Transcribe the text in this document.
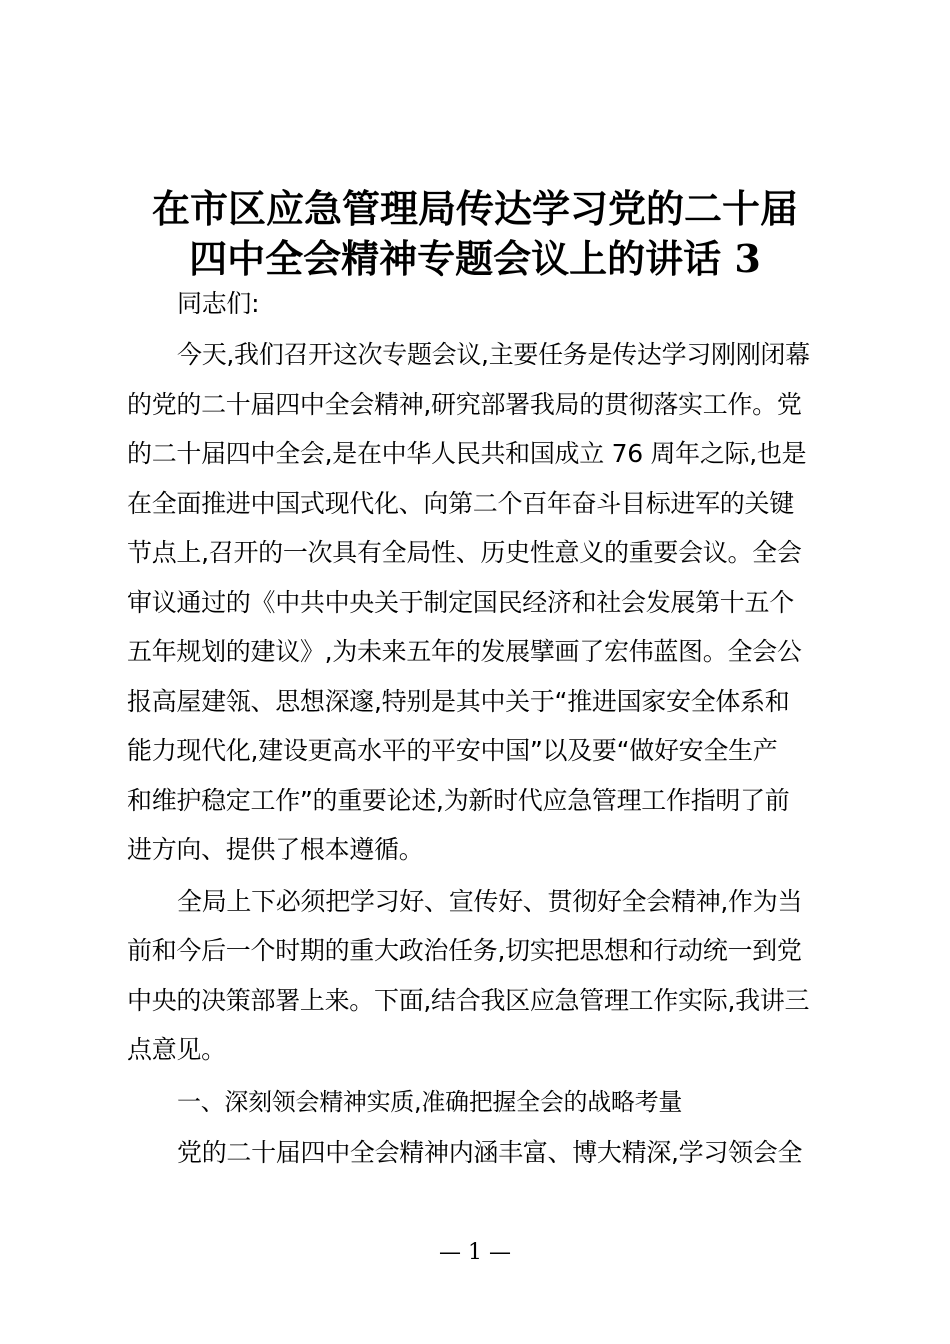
在市区应急管理局传达学习党的二十届
四中全会精神专题会议上的讲话 3
同志们:
今天,我们召开这次专题会议,主要任务是传达学习刚刚闭幕
的党的二十届四中全会精神,研究部署我局的贯彻落实工作。党
的二十届四中全会,是在中华人民共和国成立 76 周年之际,也是
在全面推进中国式现代化、向第二个百年奋斗目标进军的关键
节点上,召开的一次具有全局性、历史性意义的重要会议。全会
审议通过的《中共中央关于制定国民经济和社会发展第十五个
五年规划的建议》,为未来五年的发展擘画了宏伟蓝图。全会公
报高屋建瓴、思想深邃,特别是其中关于“推进国家安全体系和
能力现代化,建设更高水平的平安中国”以及要“做好安全生产
和维护稳定工作”的重要论述,为新时代应急管理工作指明了前
进方向、提供了根本遵循。
全局上下必须把学习好、宣传好、贯彻好全会精神,作为当
前和今后一个时期的重大政治任务,切实把思想和行动统一到党
中央的决策部署上来。下面,结合我区应急管理工作实际,我讲三
点意见。
一、深刻领会精神实质,准确把握全会的战略考量
党的二十届四中全会精神内涵丰富、博大精深,学习领会全
— 1 —
